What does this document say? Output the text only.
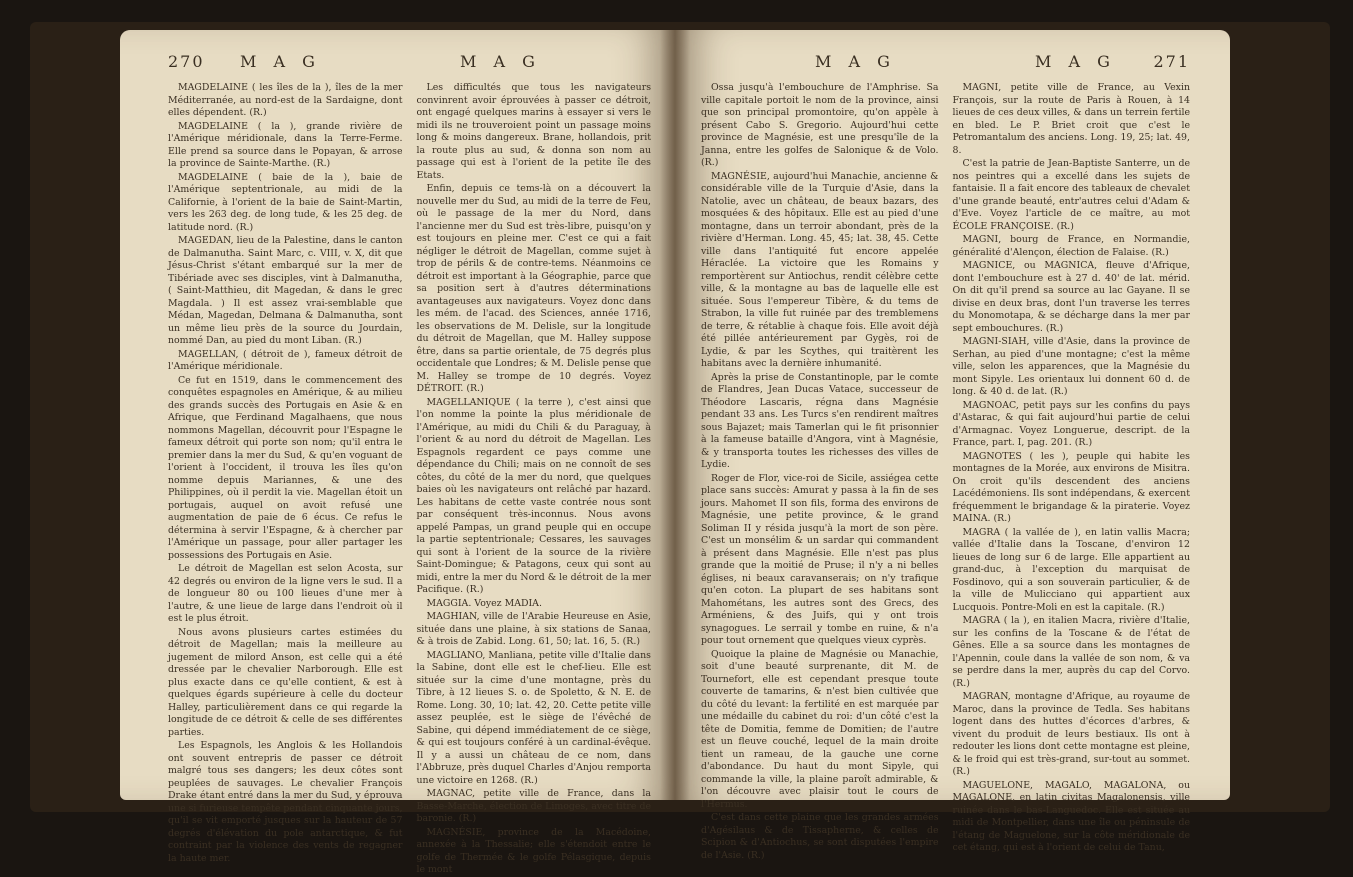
270 M A G	M A G

MAGDELAINE ( les îles de la ), îles de la mer Méditerranée, au nord-est de la Sardaigne, dont elles dépendent. (R.)

MAGDELAINE ( la ), grande rivière de l'Amérique méridionale, dans la Terre-Ferme. Elle prend sa source dans le Popayan, & arrose la province de Sainte-Marthe. (R.)

MAGDELAINE ( baie de la ), baie de l'Amérique septentrionale, au midi de la Californie, à l'orient de la baie de Saint-Martin, vers les 263 deg. de long tude, & les 25 deg. de latitude nord. (R.)

MAGEDAN, lieu de la Palestine, dans le canton de Dalmanutha. Saint Marc, c. VIII, v. X, dit que Jésus-Christ s'étant embarqué sur la mer de Tibériade avec ses disciples, vint à Dalmanutha, ( Saint-Matthieu, dit Magedan, & dans le grec Magdala. ) Il est assez vrai-semblable que Médan, Magedan, Delmana & Dalmanutha, sont un même lieu près de la source du Jourdain, nommé Dan, au pied du mont Liban. (R.)

MAGELLAN, ( détroit de ), fameux détroit de l'Amérique méridionale.

Ce fut en 1519, dans le commencement des conquêtes espagnoles en Amérique, & au milieu des grands succès des Portugais en Asie & en Afrique, que Ferdinand Magalhaens, que nous nommons Magellan, découvrit pour l'Espagne le fameux détroit qui porte son nom; qu'il entra le premier dans la mer du Sud, & qu'en voguant de l'orient à l'occident, il trouva les îles qu'on nomme depuis Mariannes, & une des Philippines, où il perdit la vie. Magellan étoit un portugais, auquel on avoit refusé une augmentation de paie de 6 écus. Ce refus le détermina à servir l'Espagne, & à chercher par l'Amérique un passage, pour aller partager les possessions des Portugais en Asie.

Le détroit de Magellan est selon Acosta, sur 42 degrés ou environ de la ligne vers le sud. Il a de longueur 80 ou 100 lieues d'une mer à l'autre, & une lieue de large dans l'endroit où il est le plus étroit.

Nous avons plusieurs cartes estimées du détroit de Magellan; mais la meilleure au jugement de milord Anson, est celle qui a été dressée par le chevalier Narborough. Elle est plus exacte dans ce qu'elle contient, & est à quelques égards supérieure à celle du docteur Halley, particulièrement dans ce qui regarde la longitude de ce détroit & celle de ses différentes parties.

Les Espagnols, les Anglois & les Hollandois ont souvent entrepris de passer ce détroit malgré tous ses dangers; les deux côtes sont peuplées de sauvages. Le chevalier François Drake étant entré dans la mer du Sud, y éprouva une si furieuse tempête pendant cinquante jours, qu'il se vit emporté jusques sur la hauteur de 57 degrés d'élévation du pole antarctique, & fut contraint par la violence des vents de regagner la haute mer.

Les difficultés que tous les navigateurs convinrent avoir éprouvées à passer ce détroit, ont engagé quelques marins à essayer si vers le midi ils ne trouveroient point un passage moins long & moins dangereux. Brane, hollandois, prit la route plus au sud, & donna son nom au passage qui est à l'orient de la petite île des Etats.

Enfin, depuis ce tems-là on a découvert la nouvelle mer du Sud, au midi de la terre de Feu, où le passage de la mer du Nord, dans l'ancienne mer du Sud est très-libre, puisqu'on y est toujours en pleine mer. C'est ce qui a fait négliger le détroit de Magellan, comme sujet à trop de périls & de contre-tems. Néanmoins ce détroit est important à la Géographie, parce que sa position sert à d'autres déterminations avantageuses aux navigateurs. Voyez donc dans les mém. de l'acad. des Sciences, année 1716, les observations de M. Delisle, sur la longitude du détroit de Magellan, que M. Halley suppose être, dans sa partie orientale, de 75 degrés plus occidentale que Londres; & M. Delisle pense que M. Halley se trompe de 10 degrés. Voyez DÉTROIT. (R.)

MAGELLANIQUE ( la terre ), c'est ainsi que l'on nomme la pointe la plus méridionale de l'Amérique, au midi du Chili & du Paraguay, à l'orient & au nord du détroit de Magellan. Les Espagnols regardent ce pays comme une dépendance du Chili; mais on ne connoît de ses côtes, du côté de la mer du nord, que quelques baies où les navigateurs ont relâché par hazard. Les habitans de cette vaste contrée nous sont par conséquent très-inconnus. Nous avons appelé Pampas, un grand peuple qui en occupe la partie septentrionale; Cessares, les sauvages qui sont à l'orient de la source de la rivière Saint-Domingue; & Patagons, ceux qui sont au midi, entre la mer du Nord & le détroit de la mer Pacifique. (R.)

MAGGIA. Voyez MADIA.

MAGHIAN, ville de l'Arabie Heureuse en Asie, située dans une plaine, à six stations de Sanaa, & à trois de Zabid. Long. 61, 50; lat. 16, 5. (R.)

MAGLIANO, Manliana, petite ville d'Italie dans la Sabine, dont elle est le chef-lieu. Elle est située sur la cime d'une montagne, près du Tibre, à 12 lieues S. o. de Spoletto, & N. E. de Rome. Long. 30, 10; lat. 42, 20. Cette petite ville assez peuplée, est le siège de l'évêché de Sabine, qui dépend immédiatement de ce siège, & qui est toujours conféré à un cardinal-évêque. Il y a aussi un château de ce nom, dans l'Abbruze, près duquel Charles d'Anjou remporta une victoire en 1268. (R.)

MAGNAC, petite ville de France, dans la Basse-Marche, élection de Limoges, avec titre de baronie. (R.)

MAGNÉSIE, province de la Macédoine, annexée à la Thessalie; elle s'étendoit entre le golfe de Thermée & le golfe Pélasgique, depuis le mont

M A G	M A G 271

Ossa jusqu'à l'embouchure de l'Amphrise. Sa ville capitale portoit le nom de la province, ainsi que son principal promontoire, qu'on appèle à présent Cabo S. Gregorio. Aujourd'hui cette province de Magnésie, est une presqu'île de la Janna, entre les golfes de Salonique & de Volo. (R.)

MAGNÉSIE, aujourd'hui Manachie, ancienne & considérable ville de la Turquie d'Asie, dans la Natolie, avec un château, de beaux bazars, des mosquées & des hôpitaux. Elle est au pied d'une montagne, dans un terroir abondant, près de la rivière d'Herman. Long. 45, 45; lat. 38, 45. Cette ville dans l'antiquité fut encore appelée Héraclée. La victoire que les Romains y remportèrent sur Antiochus, rendit célèbre cette ville, & la montagne au bas de laquelle elle est située. Sous l'empereur Tibère, & du tems de Strabon, la ville fut ruinée par des tremblemens de terre, & rétablie à chaque fois. Elle avoit déjà été pillée antérieurement par Gygès, roi de Lydie, & par les Scythes, qui traitèrent les habitans avec la dernière inhumanité.

Après la prise de Constantinople, par le comte de Flandres, Jean Ducas Vatace, successeur de Théodore Lascaris, régna dans Magnésie pendant 33 ans. Les Turcs s'en rendirent maîtres sous Bajazet; mais Tamerlan qui le fit prisonnier à la fameuse bataille d'Angora, vint à Magnésie, & y transporta toutes les richesses des villes de Lydie.

Roger de Flor, vice-roi de Sicile, assiégea cette place sans succès: Amurat y passa à la fin de ses jours. Mahomet II son fils, forma des environs de Magnésie, une petite province, & le grand Soliman II y résida jusqu'à la mort de son père. C'est un monsélim & un sardar qui commandent à présent dans Magnésie. Elle n'est pas plus grande que la moitié de Pruse; il n'y a ni belles églises, ni beaux caravanserais; on n'y trafique qu'en coton. La plupart de ses habitans sont Mahométans, les autres sont des Grecs, des Arméniens, & des Juifs, qui y ont trois synagogues. Le serrail y tombe en ruine, & n'a pour tout ornement que quelques vieux cyprès.

Quoique la plaine de Magnésie ou Manachie, soit d'une beauté surprenante, dit M. de Tournefort, elle est cependant presque toute couverte de tamarins, & n'est bien cultivée que du côté du levant: la fertilité en est marquée par une médaille du cabinet du roi: d'un côté c'est la tête de Domitia, femme de Domitien; de l'autre est un fleuve couché, lequel de la main droite tient un rameau, de la gauche une corne d'abondance. Du haut du mont Sipyle, qui commande la ville, la plaine paroît admirable, & l'on découvre avec plaisir tout le cours de l'Hermus.

C'est dans cette plaine que les grandes armées d'Agésilaus & de Tissapherne, & celles de Scipion & d'Antiochus, se sont disputées l'empire de l'Asie. (R.)

MAGNI, petite ville de France, au Vexin François, sur la route de Paris à Rouen, à 14 lieues de ces deux villes, & dans un terrein fertile en bled. Le P. Briet croit que c'est le Petromantalum des anciens. Long. 19, 25; lat. 49, 8.

C'est la patrie de Jean-Baptiste Santerre, un de nos peintres qui a excellé dans les sujets de fantaisie. Il a fait encore des tableaux de chevalet d'une grande beauté, entr'autres celui d'Adam & d'Eve. Voyez l'article de ce maître, au mot ÉCOLE FRANÇOISE. (R.)

MAGNI, bourg de France, en Normandie, généralité d'Alençon, élection de Falaise. (R.)

MAGNICE, ou MAGNICA, fleuve d'Afrique, dont l'embouchure est à 27 d. 40' de lat. mérid. On dit qu'il prend sa source au lac Gayane. Il se divise en deux bras, dont l'un traverse les terres du Monomotapa, & se décharge dans la mer par sept embouchures. (R.)

MAGNI-SIAH, ville d'Asie, dans la province de Serhan, au pied d'une montagne; c'est la même ville, selon les apparences, que la Magnésie du mont Sipyle. Les orientaux lui donnent 60 d. de long. & 40 d. de lat. (R.)

MAGNOAC, petit pays sur les confins du pays d'Astarac, & qui fait aujourd'hui partie de celui d'Armagnac. Voyez Longuerue, descript. de la France, part. I, pag. 201. (R.)

MAGNOTES ( les ), peuple qui habite les montagnes de la Morée, aux environs de Misitra. On croit qu'ils descendent des anciens Lacédémoniens. Ils sont indépendans, & exercent fréquemment le brigandage & la piraterie. Voyez MAINA. (R.)

MAGRA ( la vallée de ), en latin vallis Macra; vallée d'Italie dans la Toscane, d'environ 12 lieues de long sur 6 de large. Elle appartient au grand-duc, à l'exception du marquisat de Fosdinovo, qui a son souverain particulier, & de la ville de Mulicciano qui appartient aux Lucquois. Pontre-Moli en est la capitale. (R.)

MAGRA ( la ), en italien Macra, rivière d'Italie, sur les confins de la Toscane & de l'état de Gênes. Elle a sa source dans les montagnes de l'Apennin, coule dans la vallée de son nom, & va se perdre dans la mer, auprès du cap del Corvo. (R.)

MAGRAN, montagne d'Afrique, au royaume de Maroc, dans la province de Tedla. Ses habitans logent dans des huttes d'écorces d'arbres, & vivent du produit de leurs bestiaux. Ils ont à redouter les lions dont cette montagne est pleine, & le froid qui est très-grand, sur-tout au sommet. (R.)

MAGUELONE, MAGALO, MAGALONA, ou MAGALONE, en latin civitas Magalonensis, ville ruinée dans le bas-Languedoc. Elle est située au midi de Montpellier, dans une île ou péninsule de l'étang de Maguelone, sur la côte méridionale de cet étang, qui est à l'orient de celui de Tanu,
